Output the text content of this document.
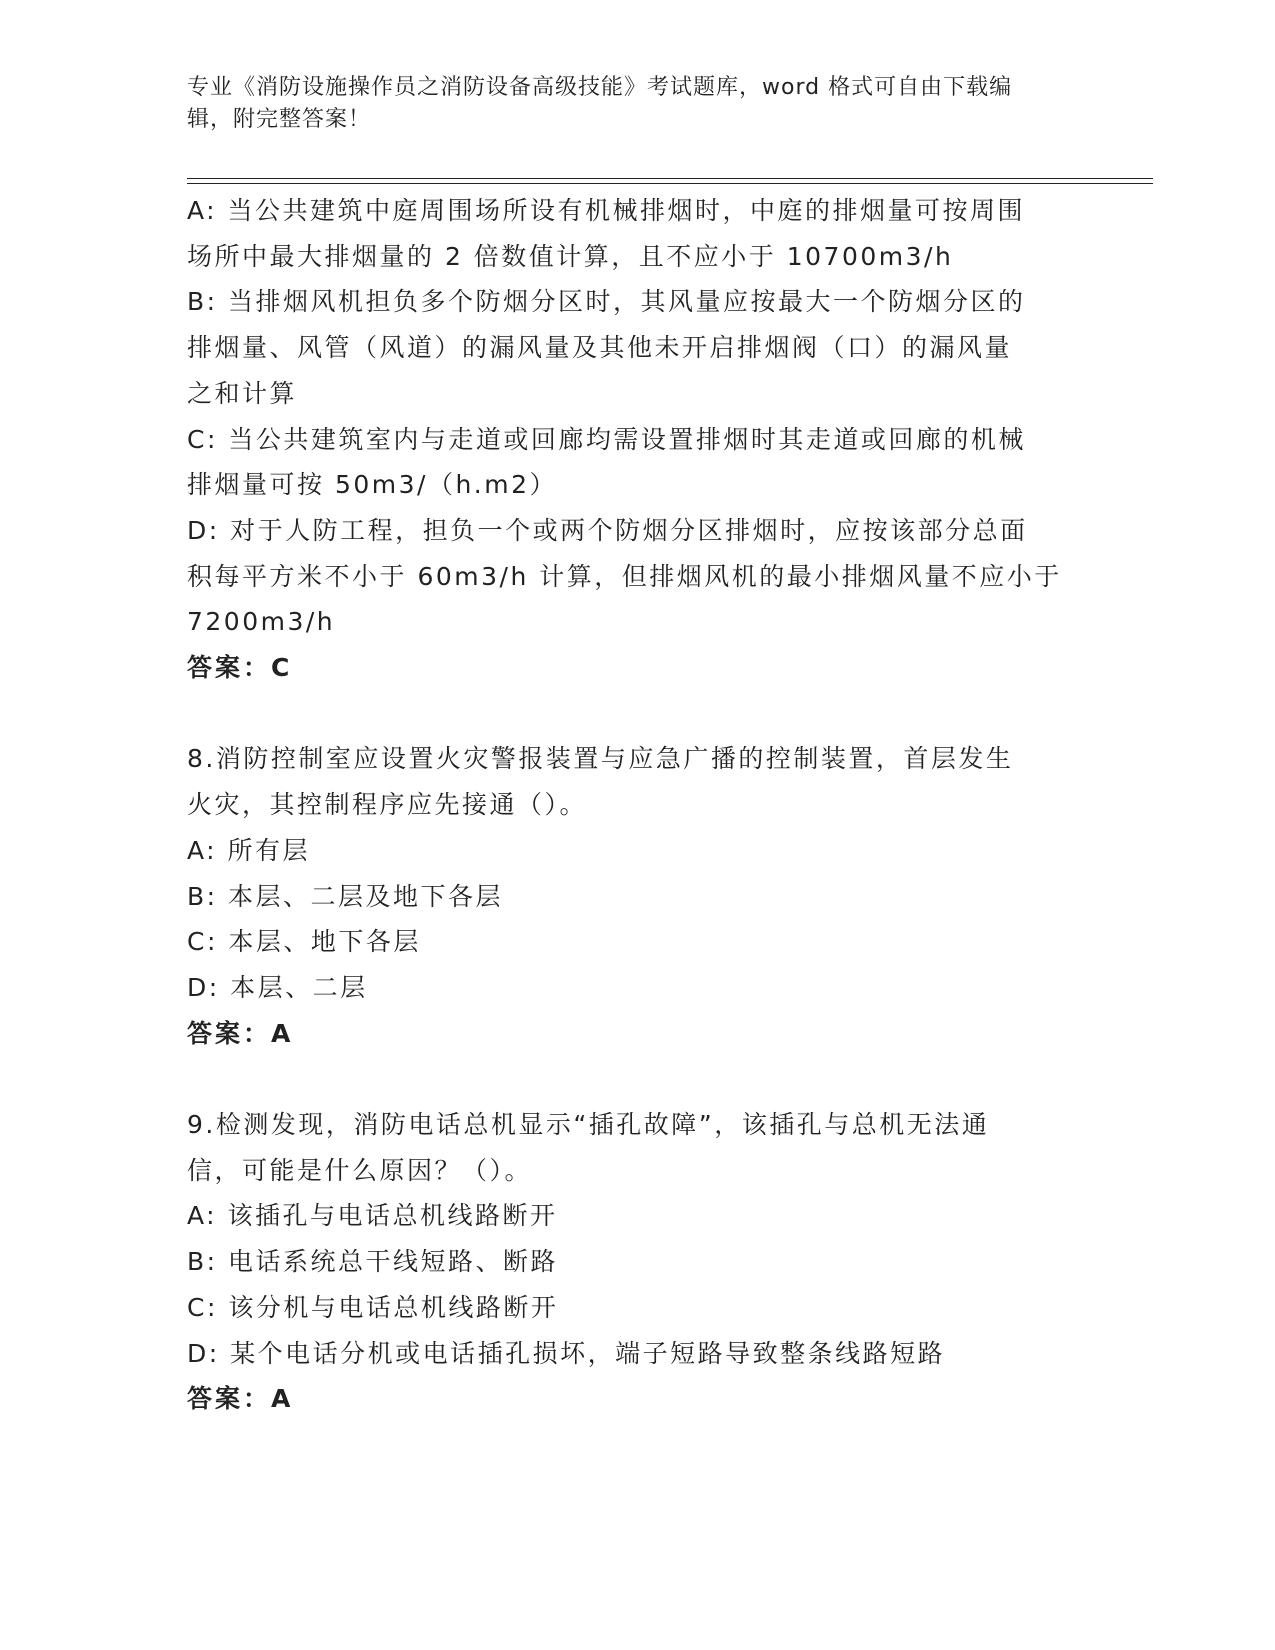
专业《消防设施操作员之消防设备高级技能》考试题库，word 格式可自由下载编
辑，附完整答案！
A: 当公共建筑中庭周围场所设有机械排烟时，中庭的排烟量可按周围
场所中最大排烟量的 2 倍数值计算，且不应小于 10700m3/h
B: 当排烟风机担负多个防烟分区时，其风量应按最大一个防烟分区的
排烟量、风管（风道）的漏风量及其他未开启排烟阀（口）的漏风量
之和计算
C: 当公共建筑室内与走道或回廊均需设置排烟时其走道或回廊的机械
排烟量可按 50m3/（h.m2）
D: 对于人防工程，担负一个或两个防烟分区排烟时，应按该部分总面
积每平方米不小于 60m3/h 计算，但排烟风机的最小排烟风量不应小于
7200m3/h
答案：C
8.消防控制室应设置火灾警报装置与应急广播的控制装置，首层发生
火灾，其控制程序应先接通（）。
A: 所有层
B: 本层、二层及地下各层
C: 本层、地下各层
D: 本层、二层
答案：A
9.检测发现，消防电话总机显示“插孔故障”，该插孔与总机无法通
信，可能是什么原因？（）。
A: 该插孔与电话总机线路断开
B: 电话系统总干线短路、断路
C: 该分机与电话总机线路断开
D: 某个电话分机或电话插孔损坏，端子短路导致整条线路短路
答案：A
